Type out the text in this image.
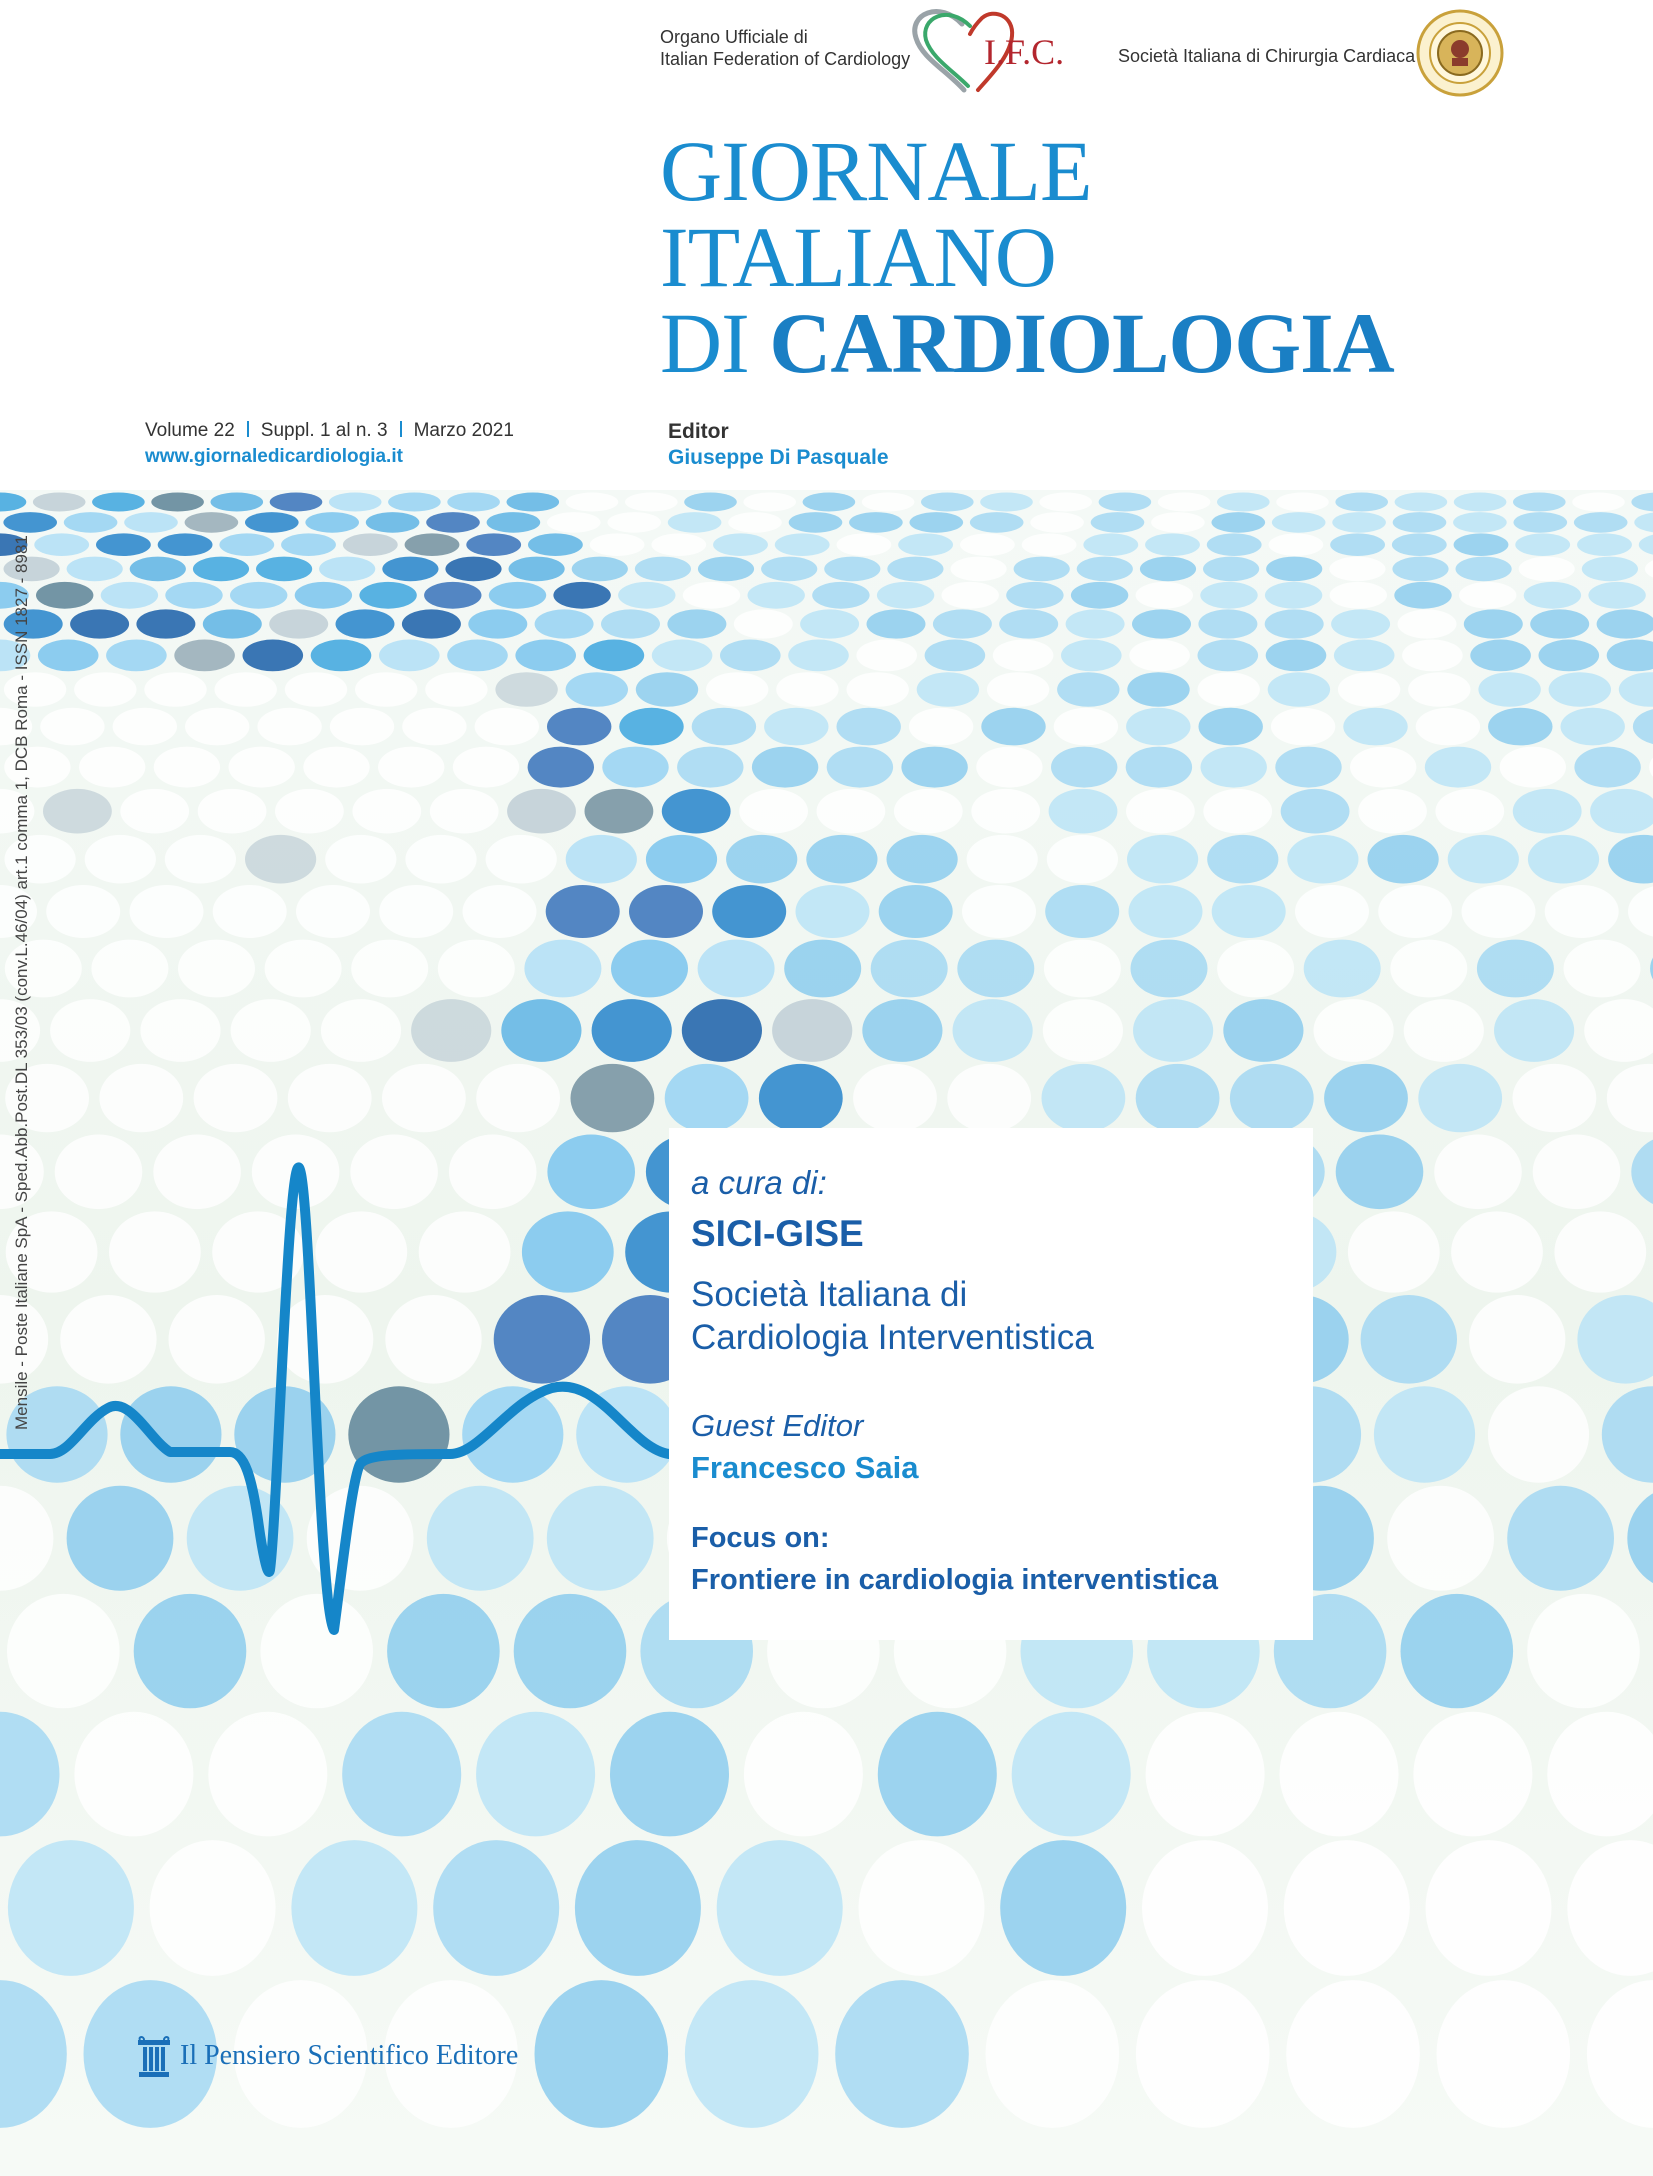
Organo Ufficiale di
Italian Federation of Cardiology I.F.C.	Società Italiana di Chirurgia Cardiaca
GIORNALE
ITALIANO
DI CARDIOLOGIA
Volume 22 Suppl. 1 al n. 3 Marzo 2021
www.giornaledicardiologia.it
Editor
Giuseppe Di Pasquale
Mensile - Poste Italiane SpA - Sped.Abb.Post.DL 353/03 (conv.L.46/04) art.1 comma 1, DCB Roma - ISSN 1827 - 8981	a cura di:
SICI-GISE
Società Italiana di
Cardiologia Interventistica
Guest Editor
Francesco Saia
Focus on:
Frontiere in cardiologia interventistica
Il Pensiero Scientifico Editore
